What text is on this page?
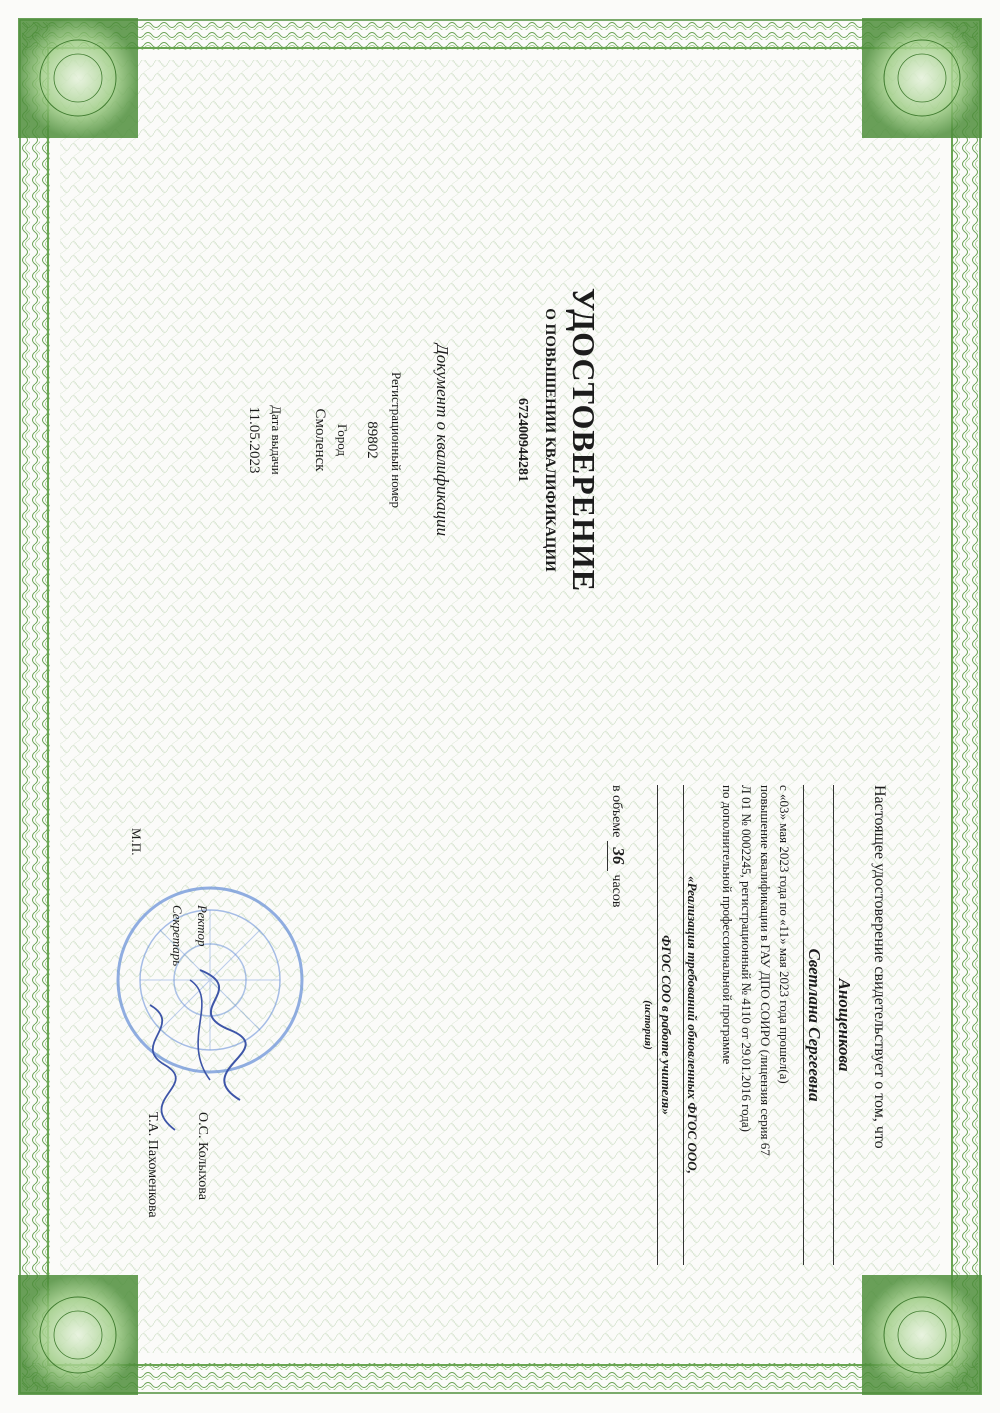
УДОСТОВЕРЕНИЕ
О ПОВЫШЕНИИ КВАЛИФИКАЦИИ
672400944281
Документ о квалификации
Регистрационный номер
89802
Город
Смоленск
Дата выдачи
11.05.2023
Настоящее удостоверение свидетельствует о том, что
Анощенкова
Светлана Сергеевна
с «03» мая 2023 года по «11» мая 2023 года прошел(а)
повышение квалификации в ГАУ ДПО СОИРО (лицензия серия 67
Л 01 № 0002245, регистрационный № 4110 от 29.01.2016 года)
по дополнительной профессиональной программе
«Реализация требований обновленных ФГОС ООО,
ФГОС СОО в работе учителя»
(история)
в объеме 36 часов
Ректор
О.С. Колыхова
Секретарь
Т.А. Пахоменкова
М.П.
